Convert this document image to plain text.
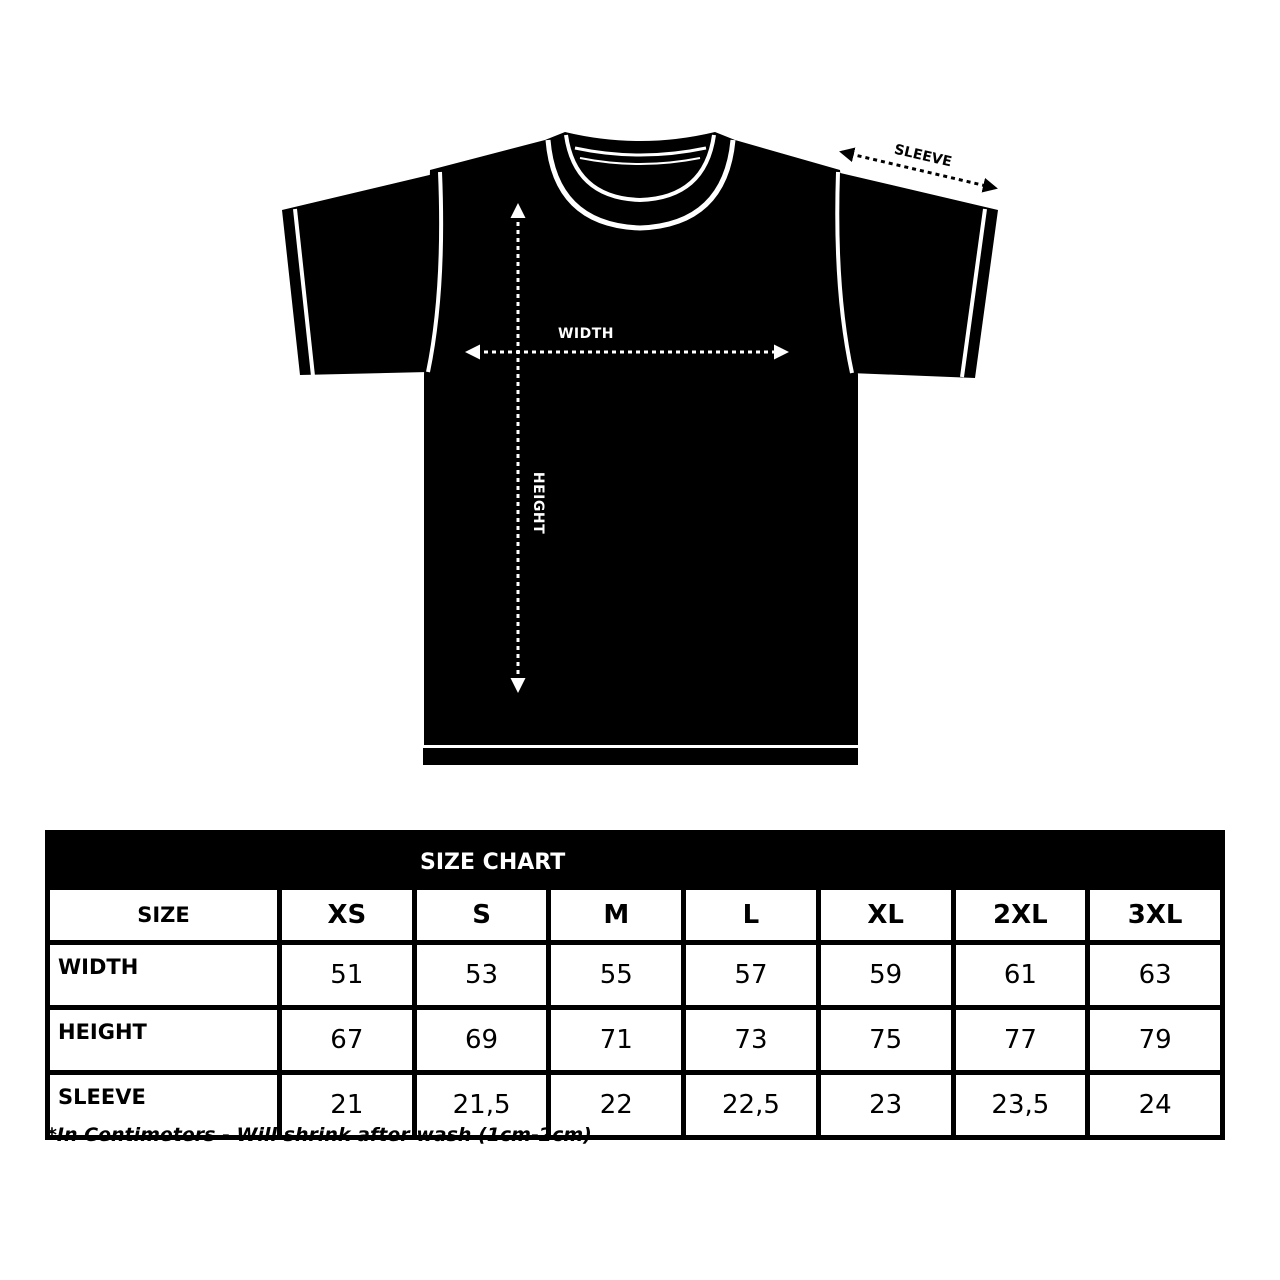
WIDTH
HEIGHT
SLEEVE
SIZE CHART							
SIZE	XS	S	M	L	XL	2XL	3XL
WIDTH	51	53	55	57	59	61	63
HEIGHT	67	69	71	73	75	77	79
SLEEVE	21	21,5	22	22,5	23	23,5	24

*In Centimeters - Will shrink after wash (1cm-2cm)
